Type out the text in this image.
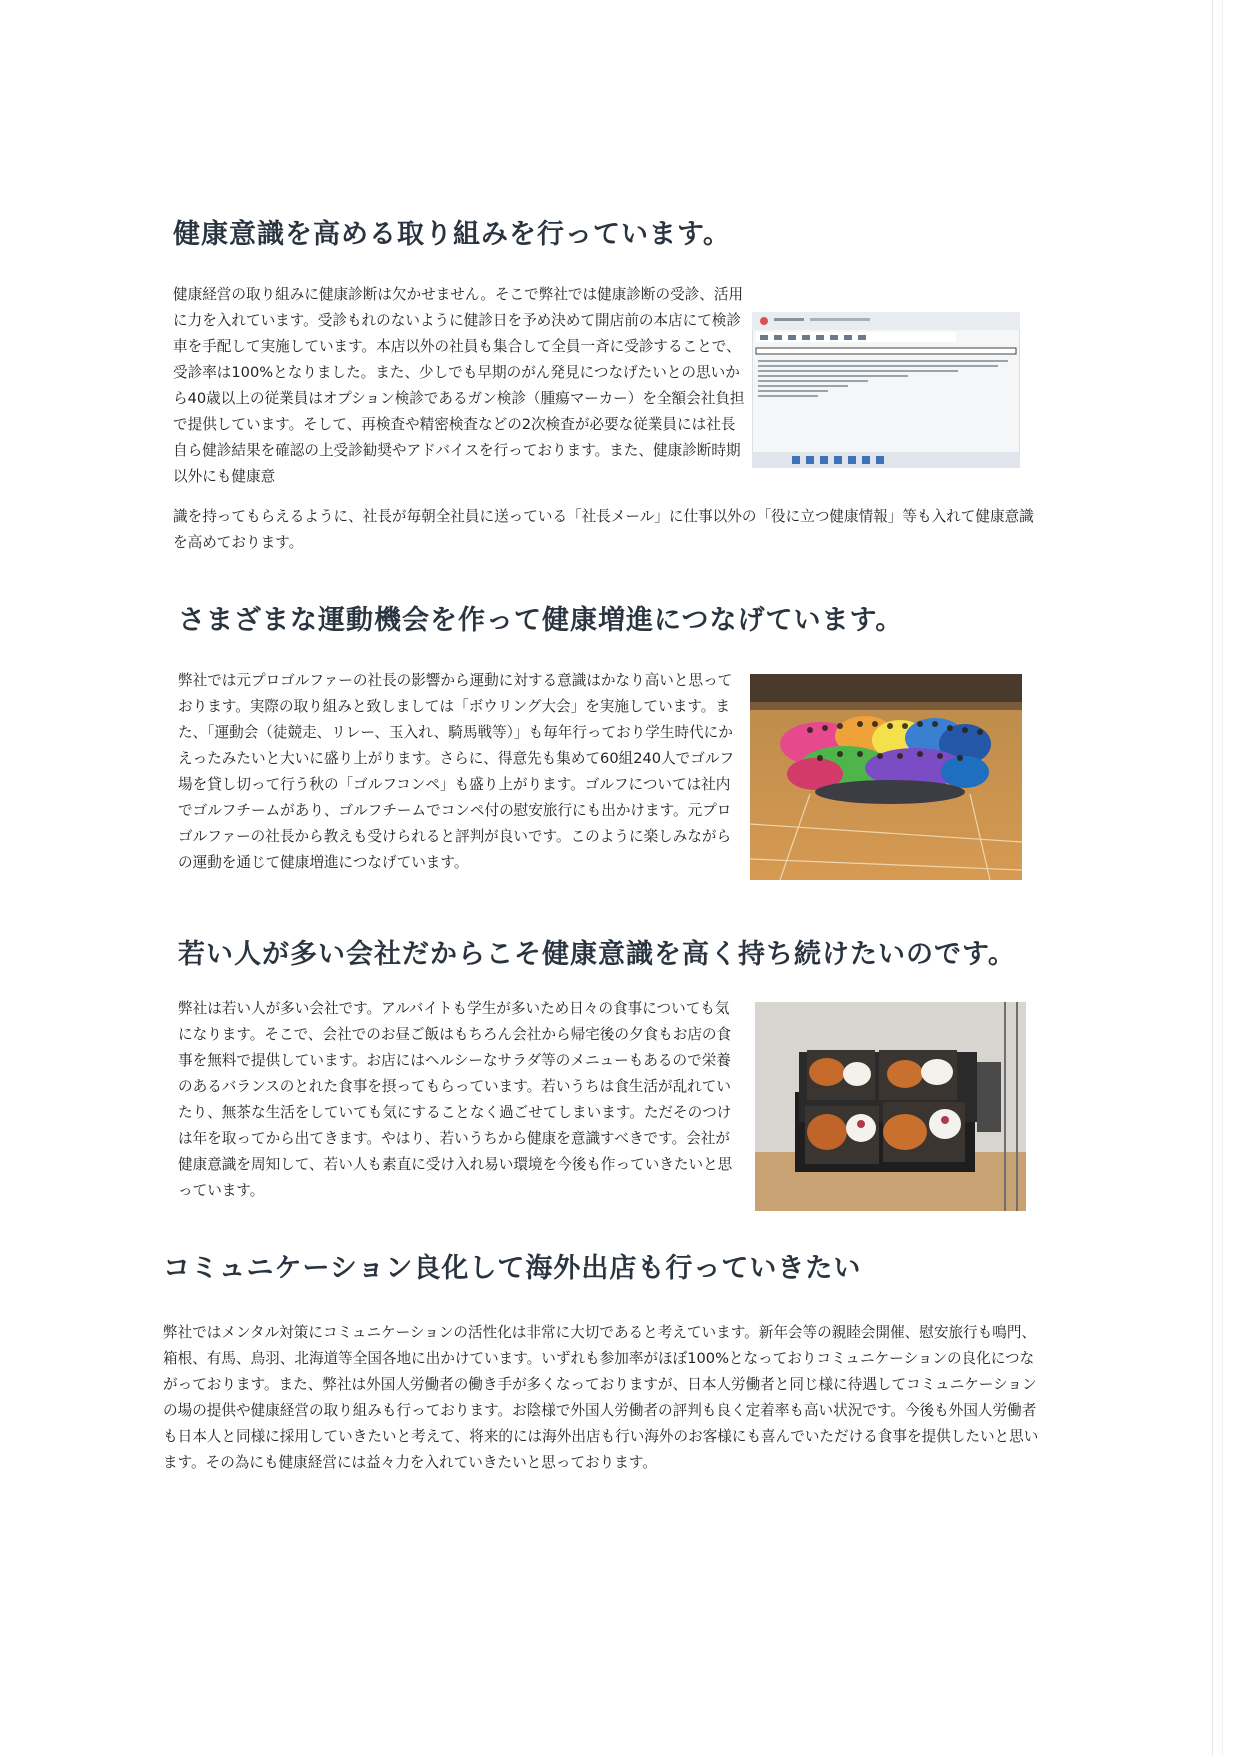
健康意識を高める取り組みを行っています。

健康経営の取り組みに健康診断は欠かせません。そこで弊社では健康診断の受診、活用に力を入れています。受診もれのないように健診日を予め決めて開店前の本店にて検診車を手配して実施しています。本店以外の社員も集合して全員一斉に受診することで、受診率は100%となりました。また、少しでも早期のがん発見につなげたいとの思いから40歳以上の従業員はオプション検診であるガン検診（腫瘍マーカー）を全額会社負担で提供しています。そして、再検査や精密検査などの2次検査が必要な従業員には社長自ら健診結果を確認の上受診勧奨やアドバイスを行っております。また、健康診断時期以外にも健康意

識を持ってもらえるように、社長が毎朝全社員に送っている「社長メール」に仕事以外の「役に立つ健康情報」等も入れて健康意識を高めております。

さまざまな運動機会を作って健康増進につなげています。

弊社では元プロゴルファーの社長の影響から運動に対する意識はかなり高いと思っております。実際の取り組みと致しましては「ボウリング大会」を実施しています。また、「運動会（徒競走、リレー、玉入れ、騎馬戦等）」も毎年行っており学生時代にかえったみたいと大いに盛り上がります。さらに、得意先も集めて60組240人でゴルフ場を貸し切って行う秋の「ゴルフコンペ」も盛り上がります。ゴルフについては社内でゴルフチームがあり、ゴルフチームでコンペ付の慰安旅行にも出かけます。元プロゴルファーの社長から教えも受けられると評判が良いです。このように楽しみながらの運動を通じて健康増進につなげています。

若い人が多い会社だからこそ健康意識を高く持ち続けたいのです。

弊社は若い人が多い会社です。アルバイトも学生が多いため日々の食事についても気になります。そこで、会社でのお昼ご飯はもちろん会社から帰宅後の夕食もお店の食事を無料で提供しています。お店にはヘルシーなサラダ等のメニューもあるので栄養のあるバランスのとれた食事を摂ってもらっています。若いうちは食生活が乱れていたり、無茶な生活をしていても気にすることなく過ごせてしまいます。ただそのつけは年を取ってから出てきます。やはり、若いうちから健康を意識すべきです。会社が健康意識を周知して、若い人も素直に受け入れ易い環境を今後も作っていきたいと思っています。

コミュニケーション良化して海外出店も行っていきたい

弊社ではメンタル対策にコミュニケーションの活性化は非常に大切であると考えています。新年会等の親睦会開催、慰安旅行も鳴門、箱根、有馬、鳥羽、北海道等全国各地に出かけています。いずれも参加率がほぼ100%となっておりコミュニケーションの良化につながっております。また、弊社は外国人労働者の働き手が多くなっておりますが、日本人労働者と同じ様に待遇してコミュニケーションの場の提供や健康経営の取り組みも行っております。お陰様で外国人労働者の評判も良く定着率も高い状況です。今後も外国人労働者も日本人と同様に採用していきたいと考えて、将来的には海外出店も行い海外のお客様にも喜んでいただける食事を提供したいと思います。その為にも健康経営には益々力を入れていきたいと思っております。
